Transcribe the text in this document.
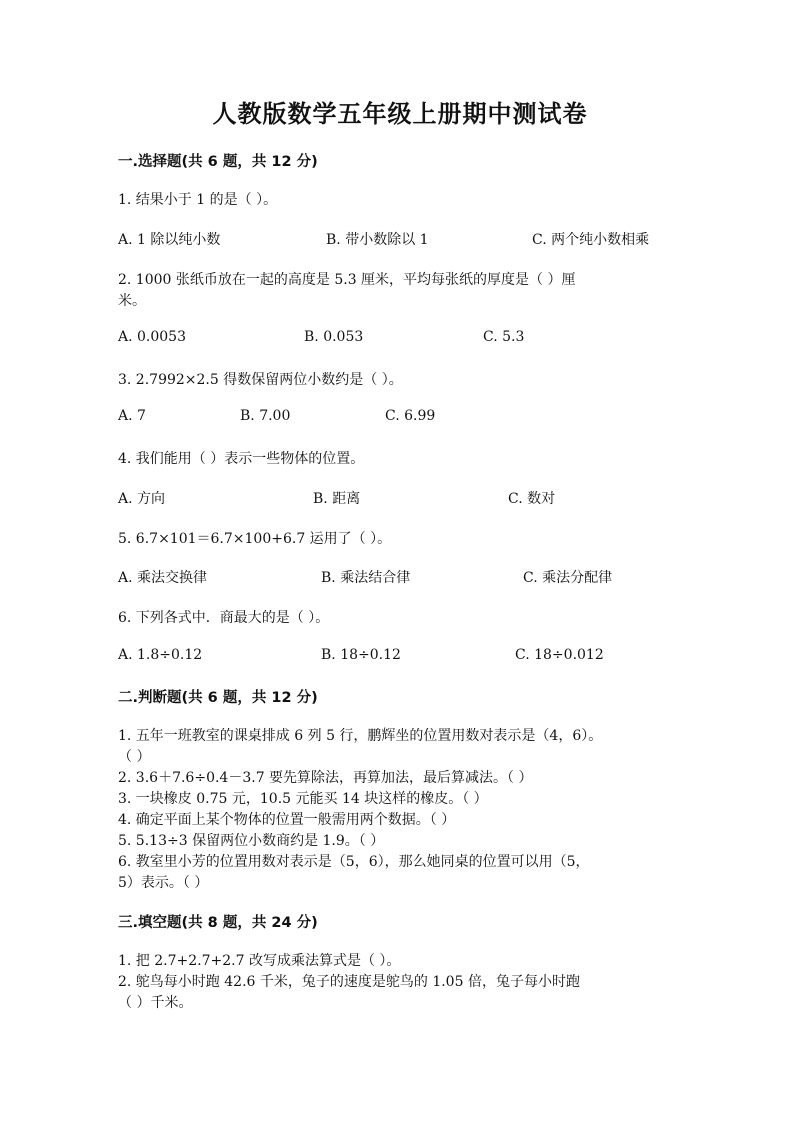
人教版数学五年级上册期中测试卷
一.选择题(共 6 题，共 12 分)
1. 结果小于 1 的是（ ）。
A. 1 除以纯小数	B. 带小数除以 1	C. 两个纯小数相乘
2. 1000 张纸币放在一起的高度是 5.3 厘米，平均每张纸的厚度是（ ）厘
米。
A. 0.0053	B. 0.053	C. 5.3
3. 2.7992×2.5 得数保留两位小数约是（ ）。
A. 7	B. 7.00	C. 6.99
4. 我们能用（ ）表示一些物体的位置。
A. 方向	B. 距离	C. 数对
5. 6.7×101＝6.7×100+6.7 运用了（ ）。
A. 乘法交换律	B. 乘法结合律	C. 乘法分配律
6. 下列各式中．商最大的是（ ）。
A. 1.8÷0.12	B. 18÷0.12	C. 18÷0.012
二.判断题(共 6 题，共 12 分)
1. 五年一班教室的课桌排成 6 列 5 行，鹏辉坐的位置用数对表示是（4，6）。
（ ）
2. 3.6＋7.6÷0.4－3.7 要先算除法，再算加法，最后算减法。（ ）
3. 一块橡皮 0.75 元，10.5 元能买 14 块这样的橡皮。（ ）
4. 确定平面上某个物体的位置一般需用两个数据。（ ）
5. 5.13÷3 保留两位小数商约是 1.9。（ ）
6. 教室里小芳的位置用数对表示是（5，6），那么她同桌的位置可以用（5，
5）表示。（ ）
三.填空题(共 8 题，共 24 分)
1. 把 2.7+2.7+2.7 改写成乘法算式是（ ）。
2. 鸵鸟每小时跑 42.6 千米，兔子的速度是鸵鸟的 1.05 倍，兔子每小时跑
（ ）千米。
